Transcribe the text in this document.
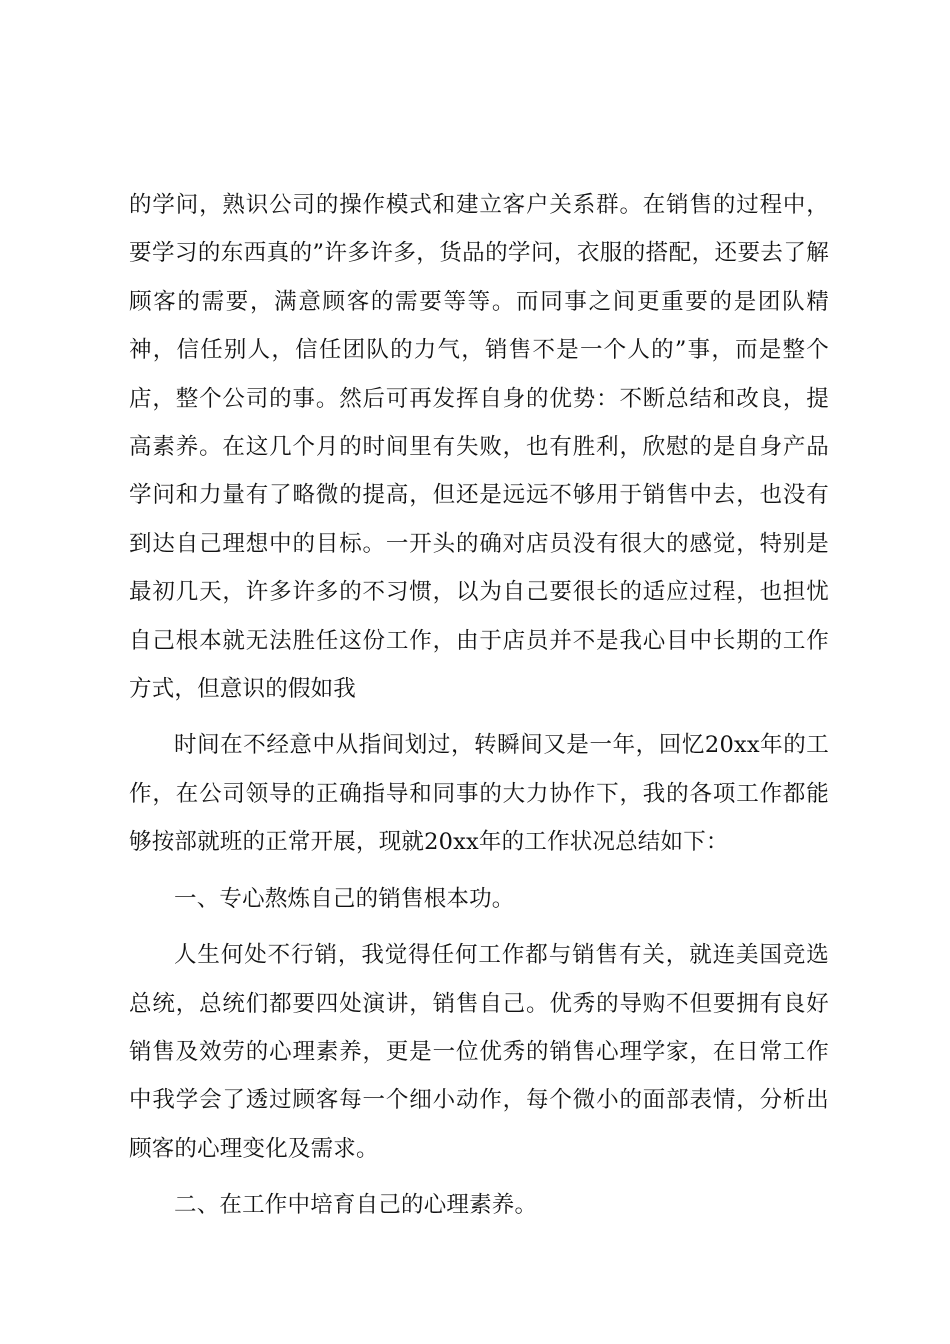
的学问，熟识公司的操作模式和建立客户关系群。在销售的过程中，要学习的东西真的”许多许多，货品的学问，衣服的搭配，还要去了解顾客的需要，满意顾客的需要等等。而同事之间更重要的是团队精神，信任别人，信任团队的力气，销售不是一个人的”事，而是整个店，整个公司的事。然后可再发挥自身的优势：不断总结和改良，提高素养。在这几个月的时间里有失败，也有胜利，欣慰的是自身产品学问和力量有了略微的提高，但还是远远不够用于销售中去，也没有到达自己理想中的目标。一开头的确对店员没有很大的感觉，特别是最初几天，许多许多的不习惯，以为自己要很长的适应过程，也担忧自己根本就无法胜任这份工作，由于店员并不是我心目中长期的工作方式，但意识的假如我

时间在不经意中从指间划过，转瞬间又是一年，回忆20xx年的工作，在公司领导的正确指导和同事的大力协作下，我的各项工作都能够按部就班的正常开展，现就20xx年的工作状况总结如下：

一、专心熬炼自己的销售根本功。

人生何处不行销，我觉得任何工作都与销售有关，就连美国竞选总统，总统们都要四处演讲，销售自己。优秀的导购不但要拥有良好销售及效劳的心理素养，更是一位优秀的销售心理学家，在日常工作中我学会了透过顾客每一个细小动作，每个微小的面部表情，分析出顾客的心理变化及需求。

二、在工作中培育自己的心理素养。
